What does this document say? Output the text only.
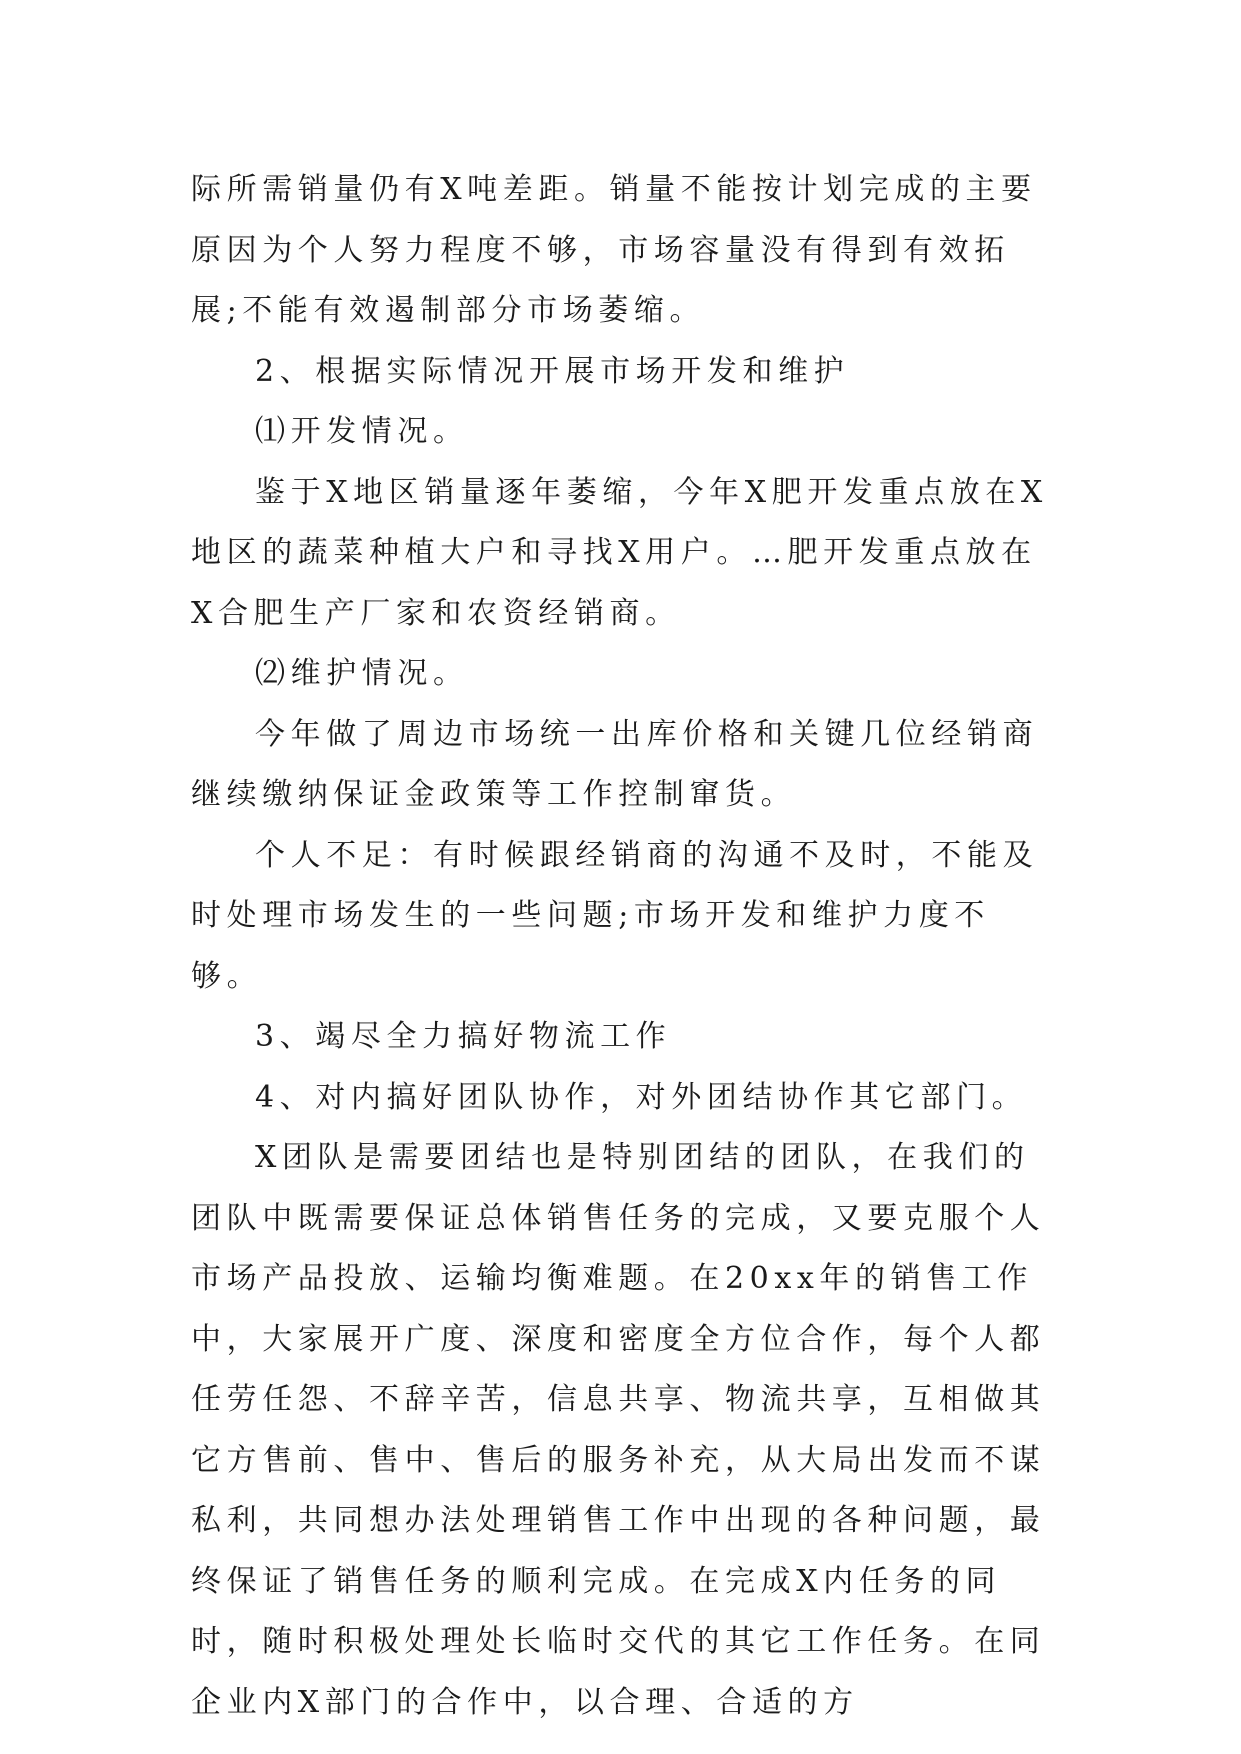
际所需销量仍有X吨差距。销量不能按计划完成的主要原因为个人努力程度不够，市场容量没有得到有效拓展;不能有效遏制部分市场萎缩。

2、根据实际情况开展市场开发和维护

⑴开发情况。

鉴于X地区销量逐年萎缩，今年X肥开发重点放在X地区的蔬菜种植大户和寻找X用户。…肥开发重点放在X合肥生产厂家和农资经销商。

⑵维护情况。

今年做了周边市场统一出库价格和关键几位经销商继续缴纳保证金政策等工作控制窜货。

个人不足：有时候跟经销商的沟通不及时，不能及时处理市场发生的一些问题;市场开发和维护力度不够。

3、竭尽全力搞好物流工作

4、对内搞好团队协作，对外团结协作其它部门。

X团队是需要团结也是特别团结的团队，在我们的团队中既需要保证总体销售任务的完成，又要克服个人市场产品投放、运输均衡难题。在20xx年的销售工作中，大家展开广度、深度和密度全方位合作，每个人都任劳任怨、不辞辛苦，信息共享、物流共享，互相做其它方售前、售中、售后的服务补充，从大局出发而不谋私利，共同想办法处理销售工作中出现的各种问题，最终保证了销售任务的顺利完成。在完成X内任务的同时，随时积极处理处长临时交代的其它工作任务。在同企业内X部门的合作中，以合理、合适的方
